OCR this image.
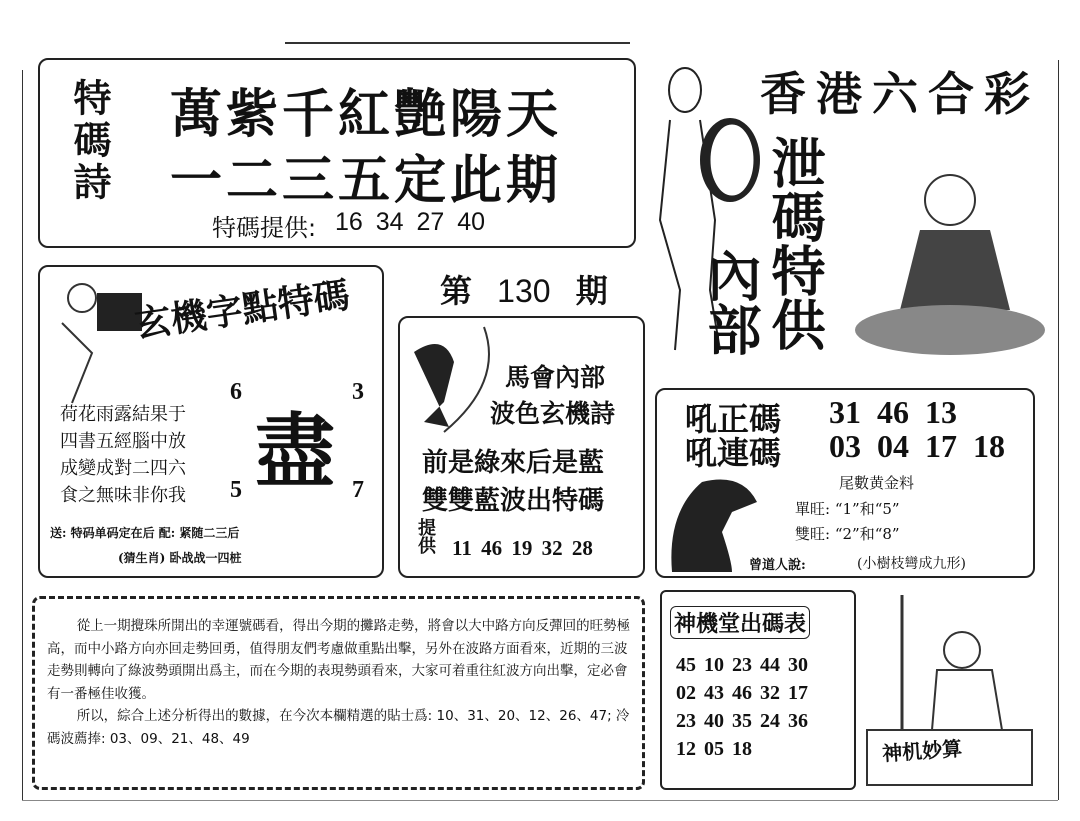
特碼詩 萬紫千紅艷陽天
一二三五定此期
特碼提供: 16 34 27 40
香港六合彩
泄碼特供
內部
第 130 期
玄機字點特碼
荷花雨露結果于
四書五經腦中放
成變成對二四六
食之無味非你我
6	3
5	7
盡
送: 特码单码定在后 配: 紧随二三后
(猜生肖) 卧战战一四桩
馬會內部
波色玄機詩
前是綠來后是藍
雙雙藍波出特碼
提供 11 46 19 32 28
吼正碼 31 46 13
吼連碼 03 04 17 18
尾數黄金料
單旺: “1”和“5”
雙旺: “2”和“8”
曾道人說:	(小樹枝彎成九形)

從上一期攪珠所開出的幸運號碼看，得出今期的攤路走勢，將會以大中路方向反彈回的旺勢極高，而中小路方向亦回走勢回勇，值得朋友們考慮做重點出擊，另外在波路方面看來，近期的三波走勢則轉向了綠波勢頭開出爲主，而在今期的表現勢頭看來，大家可着重往紅波方向出擊，定必會有一番極佳收獲。

所以，綜合上述分析得出的數據，在今次本欄精選的貼士爲: 10、31、20、12、26、47; 冷碼波薦捧: 03、09、21、48、49

神機堂出碼表
45 10 23 44 30
02 43 46 32 17
23 40 35 24 36
12 05 18	神机妙算
